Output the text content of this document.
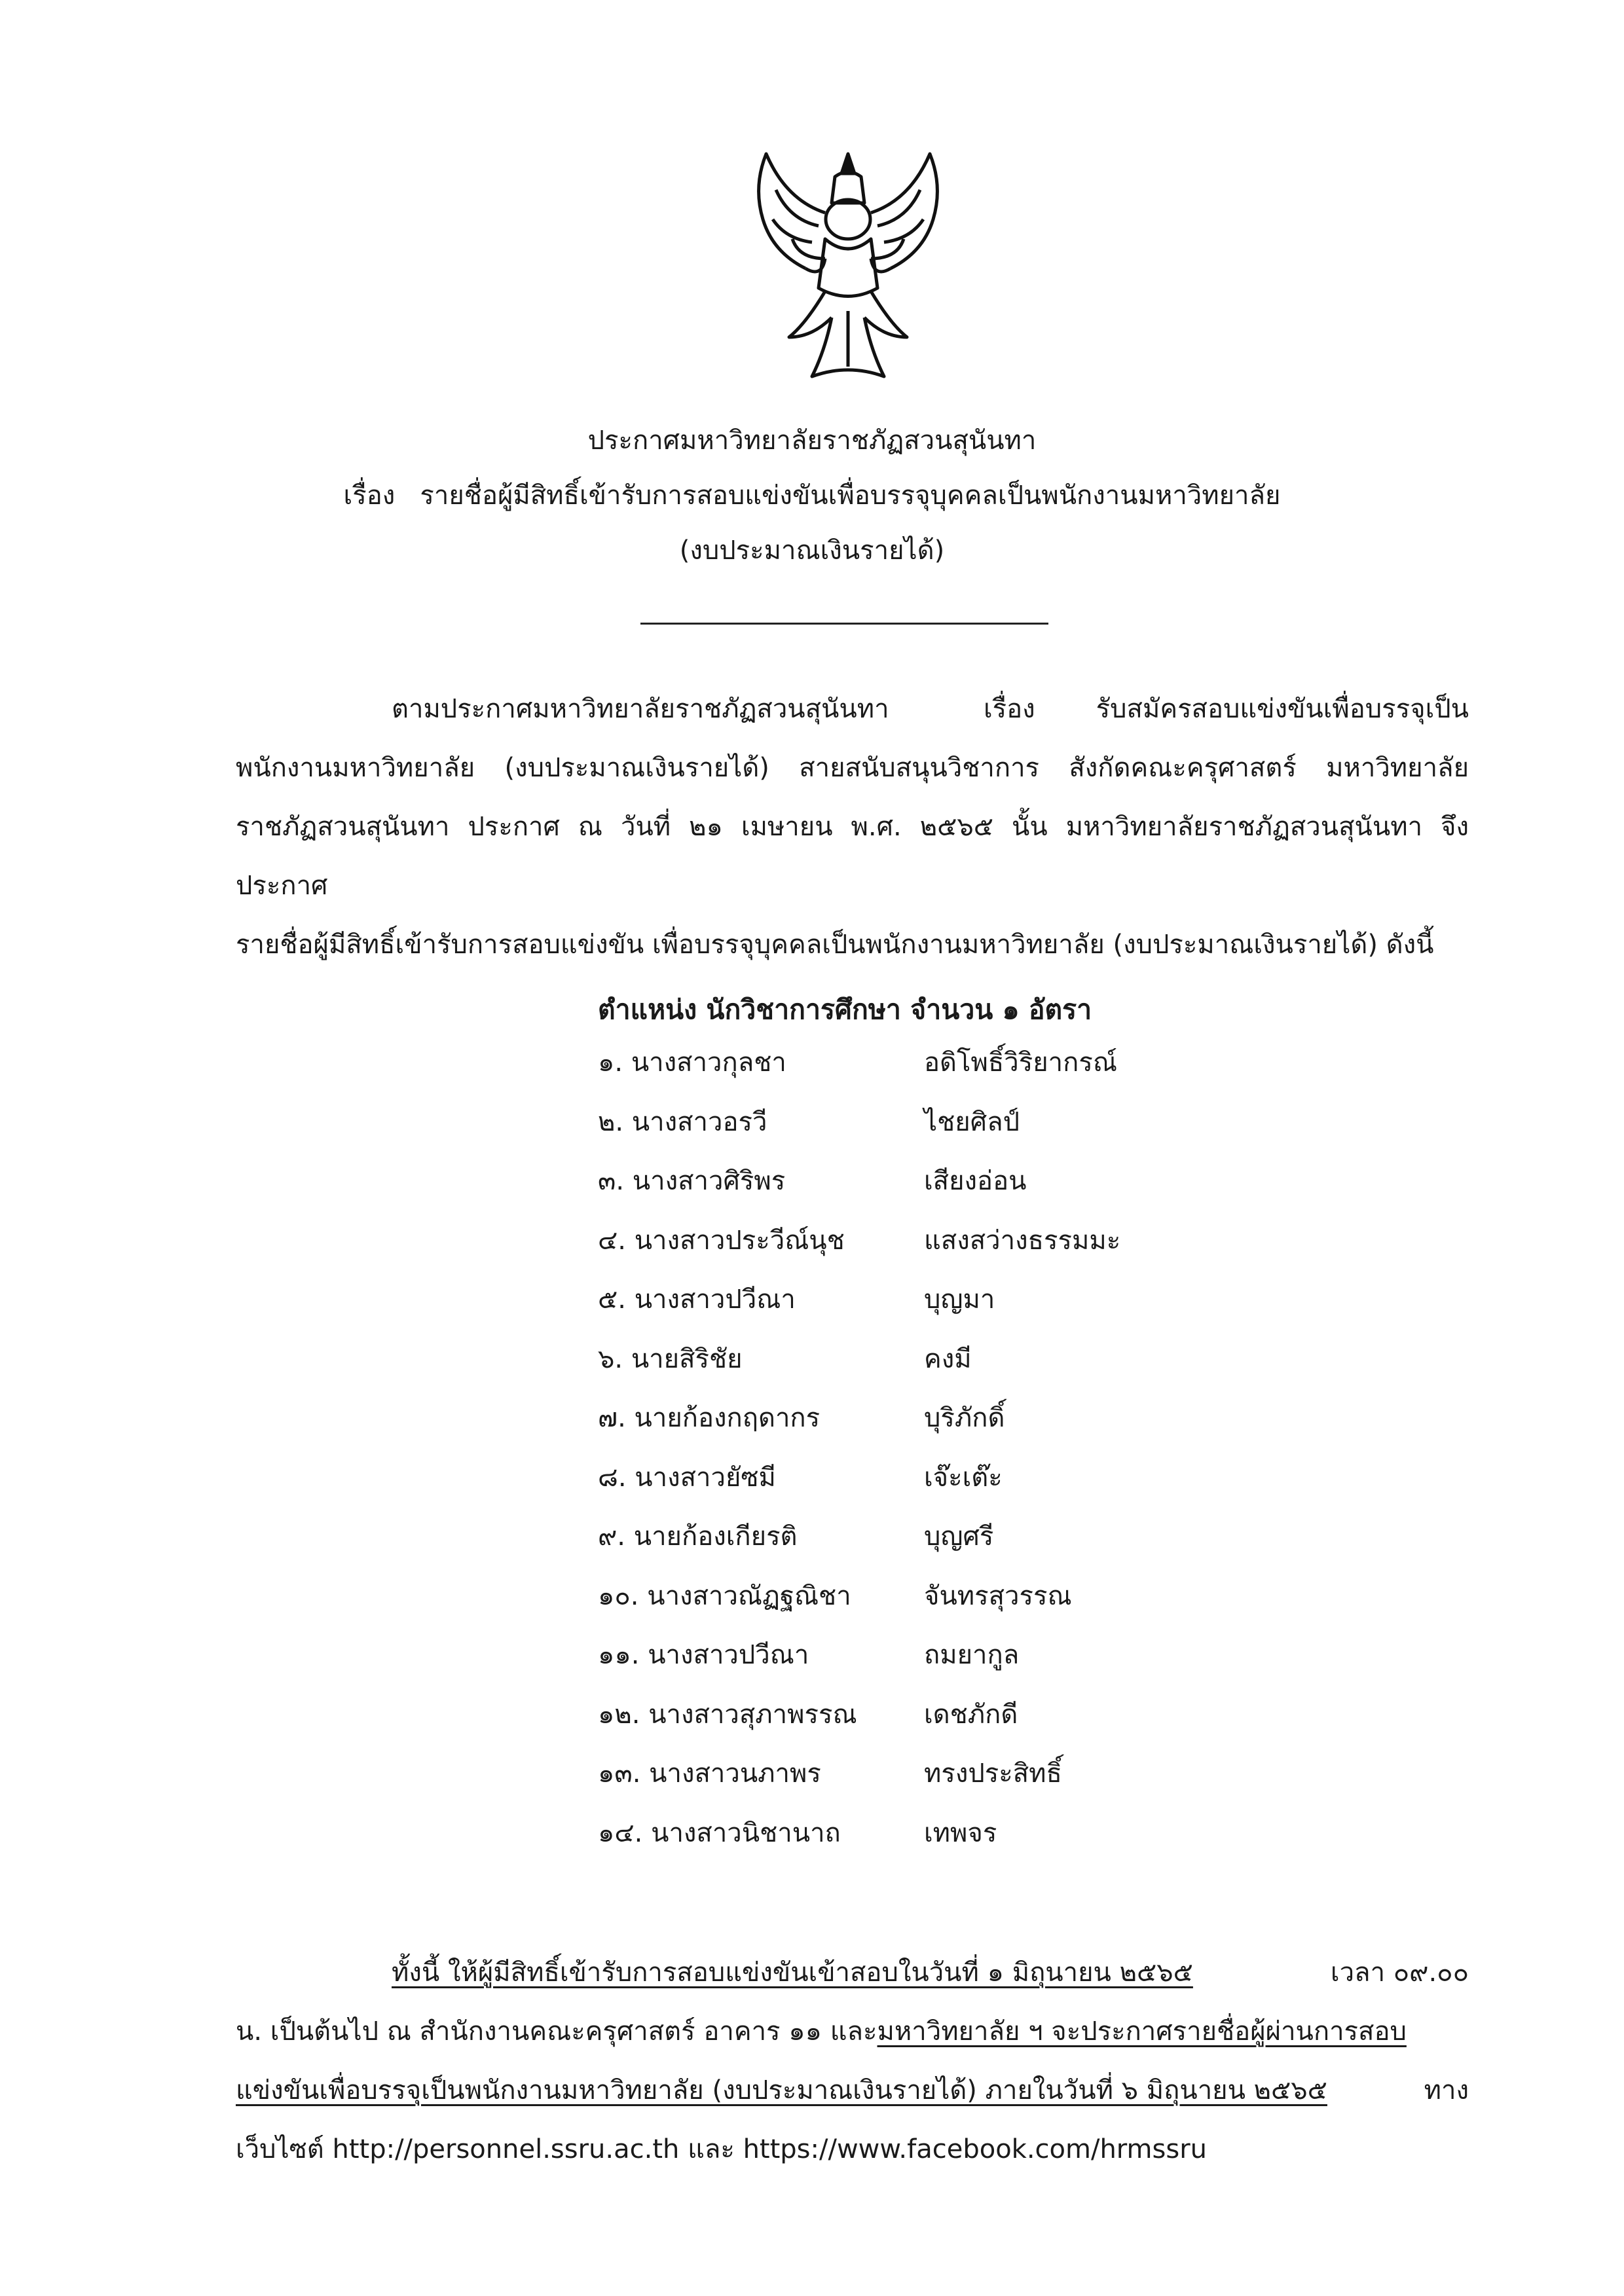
ประกาศมหาวิทยาลัยราชภัฏสวนสุนันทา
เรื่อง รายชื่อผู้มีสิทธิ์เข้ารับการสอบแข่งขันเพื่อบรรจุบุคคลเป็นพนักงานมหาวิทยาลัย
(งบประมาณเงินรายได้)
ตามประกาศมหาวิทยาลัยราชภัฏสวนสุนันทา	เรื่อง รับสมัครสอบแข่งขันเพื่อบรรจุเป็น
พนักงานมหาวิทยาลัย (งบประมาณเงินรายได้) สายสนับสนุนวิชาการ สังกัดคณะครุศาสตร์ มหาวิทยาลัย
ราชภัฏสวนสุนันทา ประกาศ ณ วันที่ ๒๑ เมษายน พ.ศ. ๒๕๖๕ นั้น มหาวิทยาลัยราชภัฏสวนสุนันทา จึง
ประกาศ
รายชื่อผู้มีสิทธิ์เข้ารับการสอบแข่งขัน เพื่อบรรจุบุคคลเป็นพนักงานมหาวิทยาลัย (งบประมาณเงินรายได้) ดังนี้
ตำแหน่ง นักวิชาการศึกษา จำนวน ๑ อัตรา
๑. นางสาวกุลชา	อดิโพธิ์วิริยากรณ์
๒. นางสาวอรวี	ไชยศิลป์
๓. นางสาวศิริพร	เสียงอ่อน
๔. นางสาวประวีณ์นุช	แสงสว่างธรรมมะ
๕. นางสาวปวีณา	บุญมา
๖. นายสิริชัย	คงมี
๗. นายก้องกฤดากร	บุริภักดิ์
๘. นางสาวยัซมี	เจ๊ะเต๊ะ
๙. นายก้องเกียรติ	บุญศรี
๑๐. นางสาวณัฏฐณิชา	จันทรสุวรรณ
๑๑. นางสาวปวีณา	ถมยากูล
๑๒. นางสาวสุภาพรรณ	เดชภักดี
๑๓. นางสาวนภาพร	ทรงประสิทธิ์
๑๔. นางสาวนิชานาถ	เทพจร
ทั้งนี้ ให้ผู้มีสิทธิ์เข้ารับการสอบแข่งขันเข้าสอบในวันที่ ๑ มิถุนายน ๒๕๖๕	เวลา ๐๙.๐๐
น. เป็นต้นไป ณ สำนักงานคณะครุศาสตร์ อาคาร ๑๑ และมหาวิทยาลัย ฯ จะประกาศรายชื่อผู้ผ่านการสอบ
แข่งขันเพื่อบรรจุเป็นพนักงานมหาวิทยาลัย (งบประมาณเงินรายได้) ภายในวันที่ ๖ มิถุนายน ๒๕๖๕	ทาง
เว็บไซต์ http://personnel.ssru.ac.th และ https://www.facebook.com/hrmssru
